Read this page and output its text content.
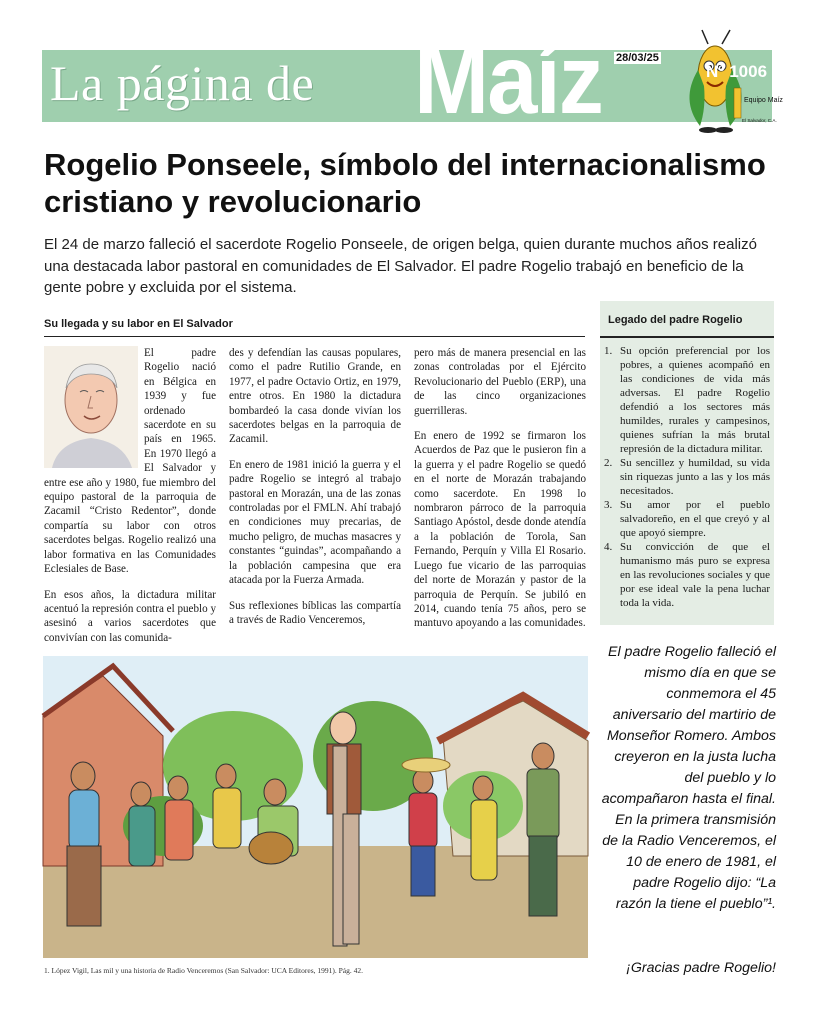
La página de Maíz 28/03/25
Equipo Maíz
El Salvador, C.A.
Nº 1006
Rogelio Ponseele, símbolo del internacionalismo cristiano y revolucionario
El 24 de marzo falleció el sacerdote Rogelio Ponseele, de origen belga, quien durante muchos años realizó una destacada labor pastoral en comunidades de El Salvador. El padre Rogelio trabajó en beneficio de la gente pobre y excluida por el sistema.
Su llegada y su labor en El Salvador

El padre Rogelio nació en Bélgica en 1939 y fue ordenado sacerdote en su país en 1965. En 1970 llegó a El Salvador y entre ese año y 1980, fue miembro del equipo pastoral de la parroquia de Zacamil “Cristo Redentor”, donde compartía su labor con otros sacerdotes belgas. Rogelio realizó una labor formativa en las Comunidades Eclesiales de Base.

En esos años, la dictadura militar acentuó la represión contra el pueblo y asesinó a varios sacerdotes que convivían con las comunida-

des y defendían las causas populares, como el padre Rutilio Grande, en 1977, el padre Octavio Ortiz, en 1979, entre otros. En 1980 la dictadura bombardeó la casa donde vivían los sacerdotes belgas en la parroquia de Zacamil.

En enero de 1981 inició la guerra y el padre Rogelio se integró al trabajo pastoral en Morazán, una de las zonas controladas por el FMLN. Ahí trabajó en condiciones muy precarias, de mucho peligro, de muchas masacres y constantes “guindas”, acompañando a la población campesina que era atacada por la Fuerza Armada.

Sus reflexiones bíblicas las compartía a través de Radio Venceremos,

pero más de manera presencial en las zonas controladas por el Ejército Revolucionario del Pueblo (ERP), una de las cinco organizaciones guerrilleras.

En enero de 1992 se firmaron los Acuerdos de Paz que le pusieron fin a la guerra y el padre Rogelio se quedó en el norte de Morazán trabajando como sacerdote. En 1998 lo nombraron párroco de la parroquia Santiago Apóstol, desde donde atendía a la población de Torola, San Fernando, Perquín y Villa El Rosario. Luego fue vicario de las parroquias del norte de Morazán y pastor de la parroquia de Perquín. Se jubiló en 2014, cuando tenía 75 años, pero se mantuvo apoyando a las comunidades.

Legado del padre Rogelio
1. Su opción preferencial por los pobres, a quienes acompañó en las condiciones de vida más adversas. El padre Rogelio defendió a los sectores más humildes, rurales y campesinos, quienes sufrían la más brutal represión de la dictadura militar.
2. Su sencillez y humildad, su vida sin riquezas junto a las y los más necesitados.
3. Su amor por el pueblo salvadoreño, en el que creyó y al que apoyó siempre.
4. Su convicción de que el humanismo más puro se expresa en las revoluciones sociales y que por ese ideal vale la pena luchar toda la vida.
1. López Vigil, Las mil y una historia de Radio Venceremos (San Salvador: UCA Editores, 1991). Pág. 42.
El padre Rogelio falleció el mismo día en que se conmemora el 45 aniversario del martirio de Monseñor Romero. Ambos creyeron en la justa lucha del pueblo y lo acompañaron hasta el final. En la primera transmisión de la Radio Venceremos, el 10 de enero de 1981, el padre Rogelio dijo: “La razón la tiene el pueblo”¹.
¡Gracias padre Rogelio!
